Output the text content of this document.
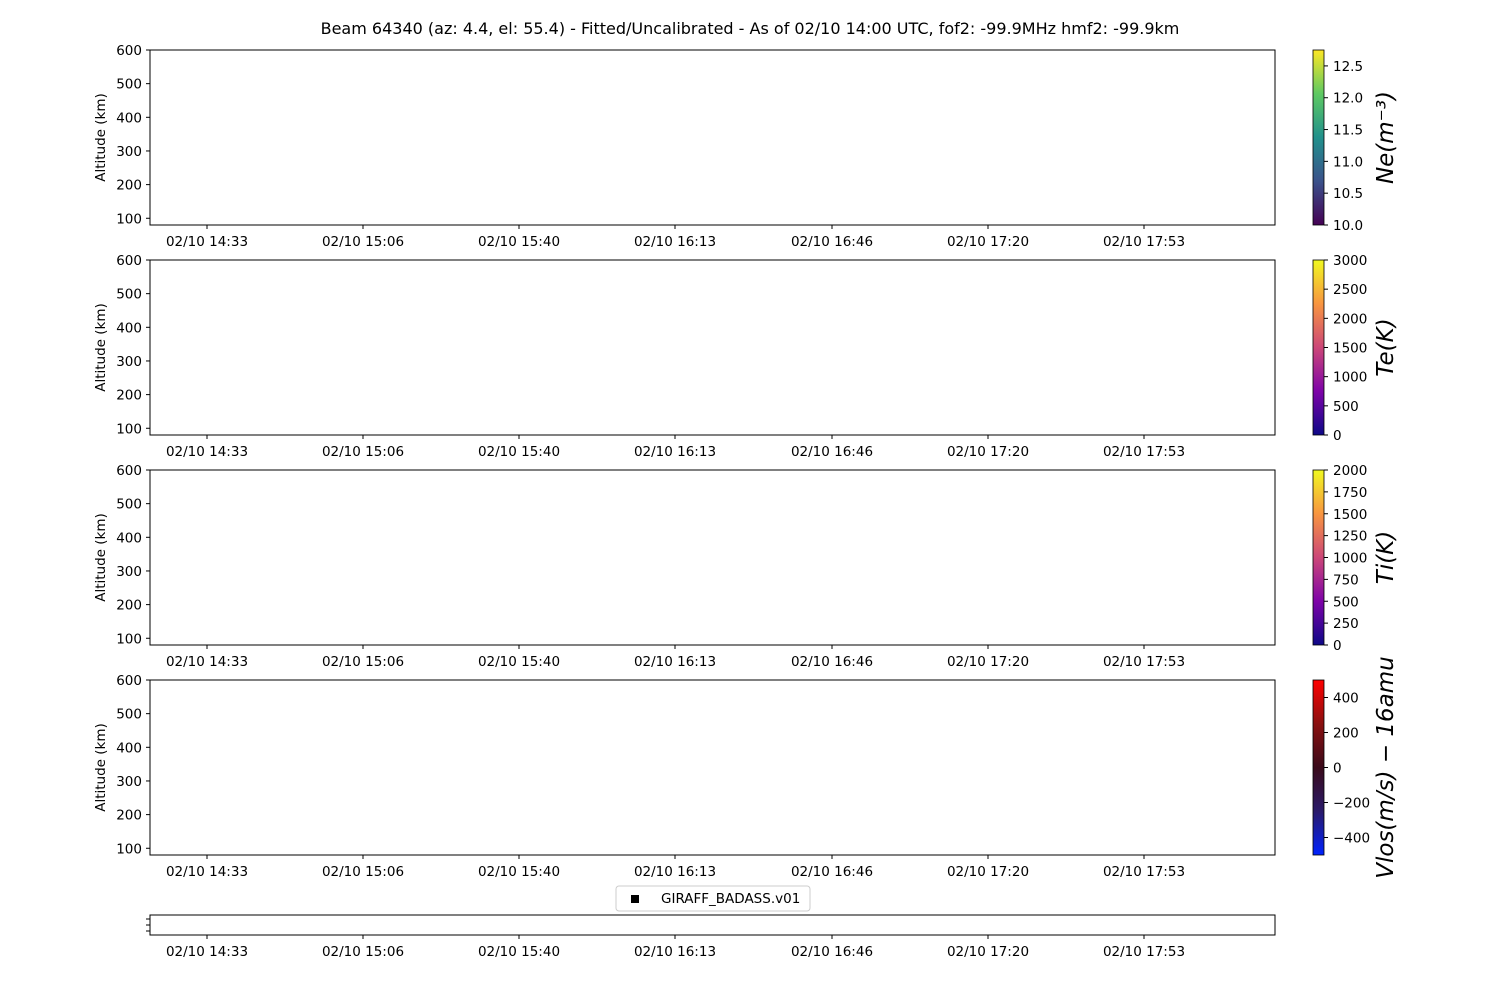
Beam 64340 (az: 4.4, el: 55.4) - Fitted/Uncalibrated - As of 02/10 14:00 UTC, fof2: -99.9MHz hmf2: -99.9km
100
200
300
400
500
600
Altitude (km)
02/10 14:33	02/10 15:06	02/10 15:40	02/10 16:13	02/10 16:46	02/10 17:20	02/10 17:53
10.0
10.5
11.0
11.5
12.0
12.5
Ne(m⁻³)
100
200
300
400
500
600
Altitude (km)
02/10 14:33	02/10 15:06	02/10 15:40	02/10 16:13	02/10 16:46	02/10 17:20	02/10 17:53
0
500
1000
1500
2000
2500
3000
Te(K)
100
200
300
400
500
600
Altitude (km)
02/10 14:33	02/10 15:06	02/10 15:40	02/10 16:13	02/10 16:46	02/10 17:20	02/10 17:53
0
250
500
750
1000
1250
1500
1750
2000
Ti(K)
100
200
300
400
500
600
Altitude (km)
02/10 14:33	02/10 15:06	02/10 15:40	02/10 16:13	02/10 16:46	02/10 17:20	02/10 17:53
−400
−200
0
200
400 Vlos(m/s) − 16amu
GIRAFF_BADASS.v01
02/10 14:33	02/10 15:06	02/10 15:40	02/10 16:13	02/10 16:46	02/10 17:20	02/10 17:53
